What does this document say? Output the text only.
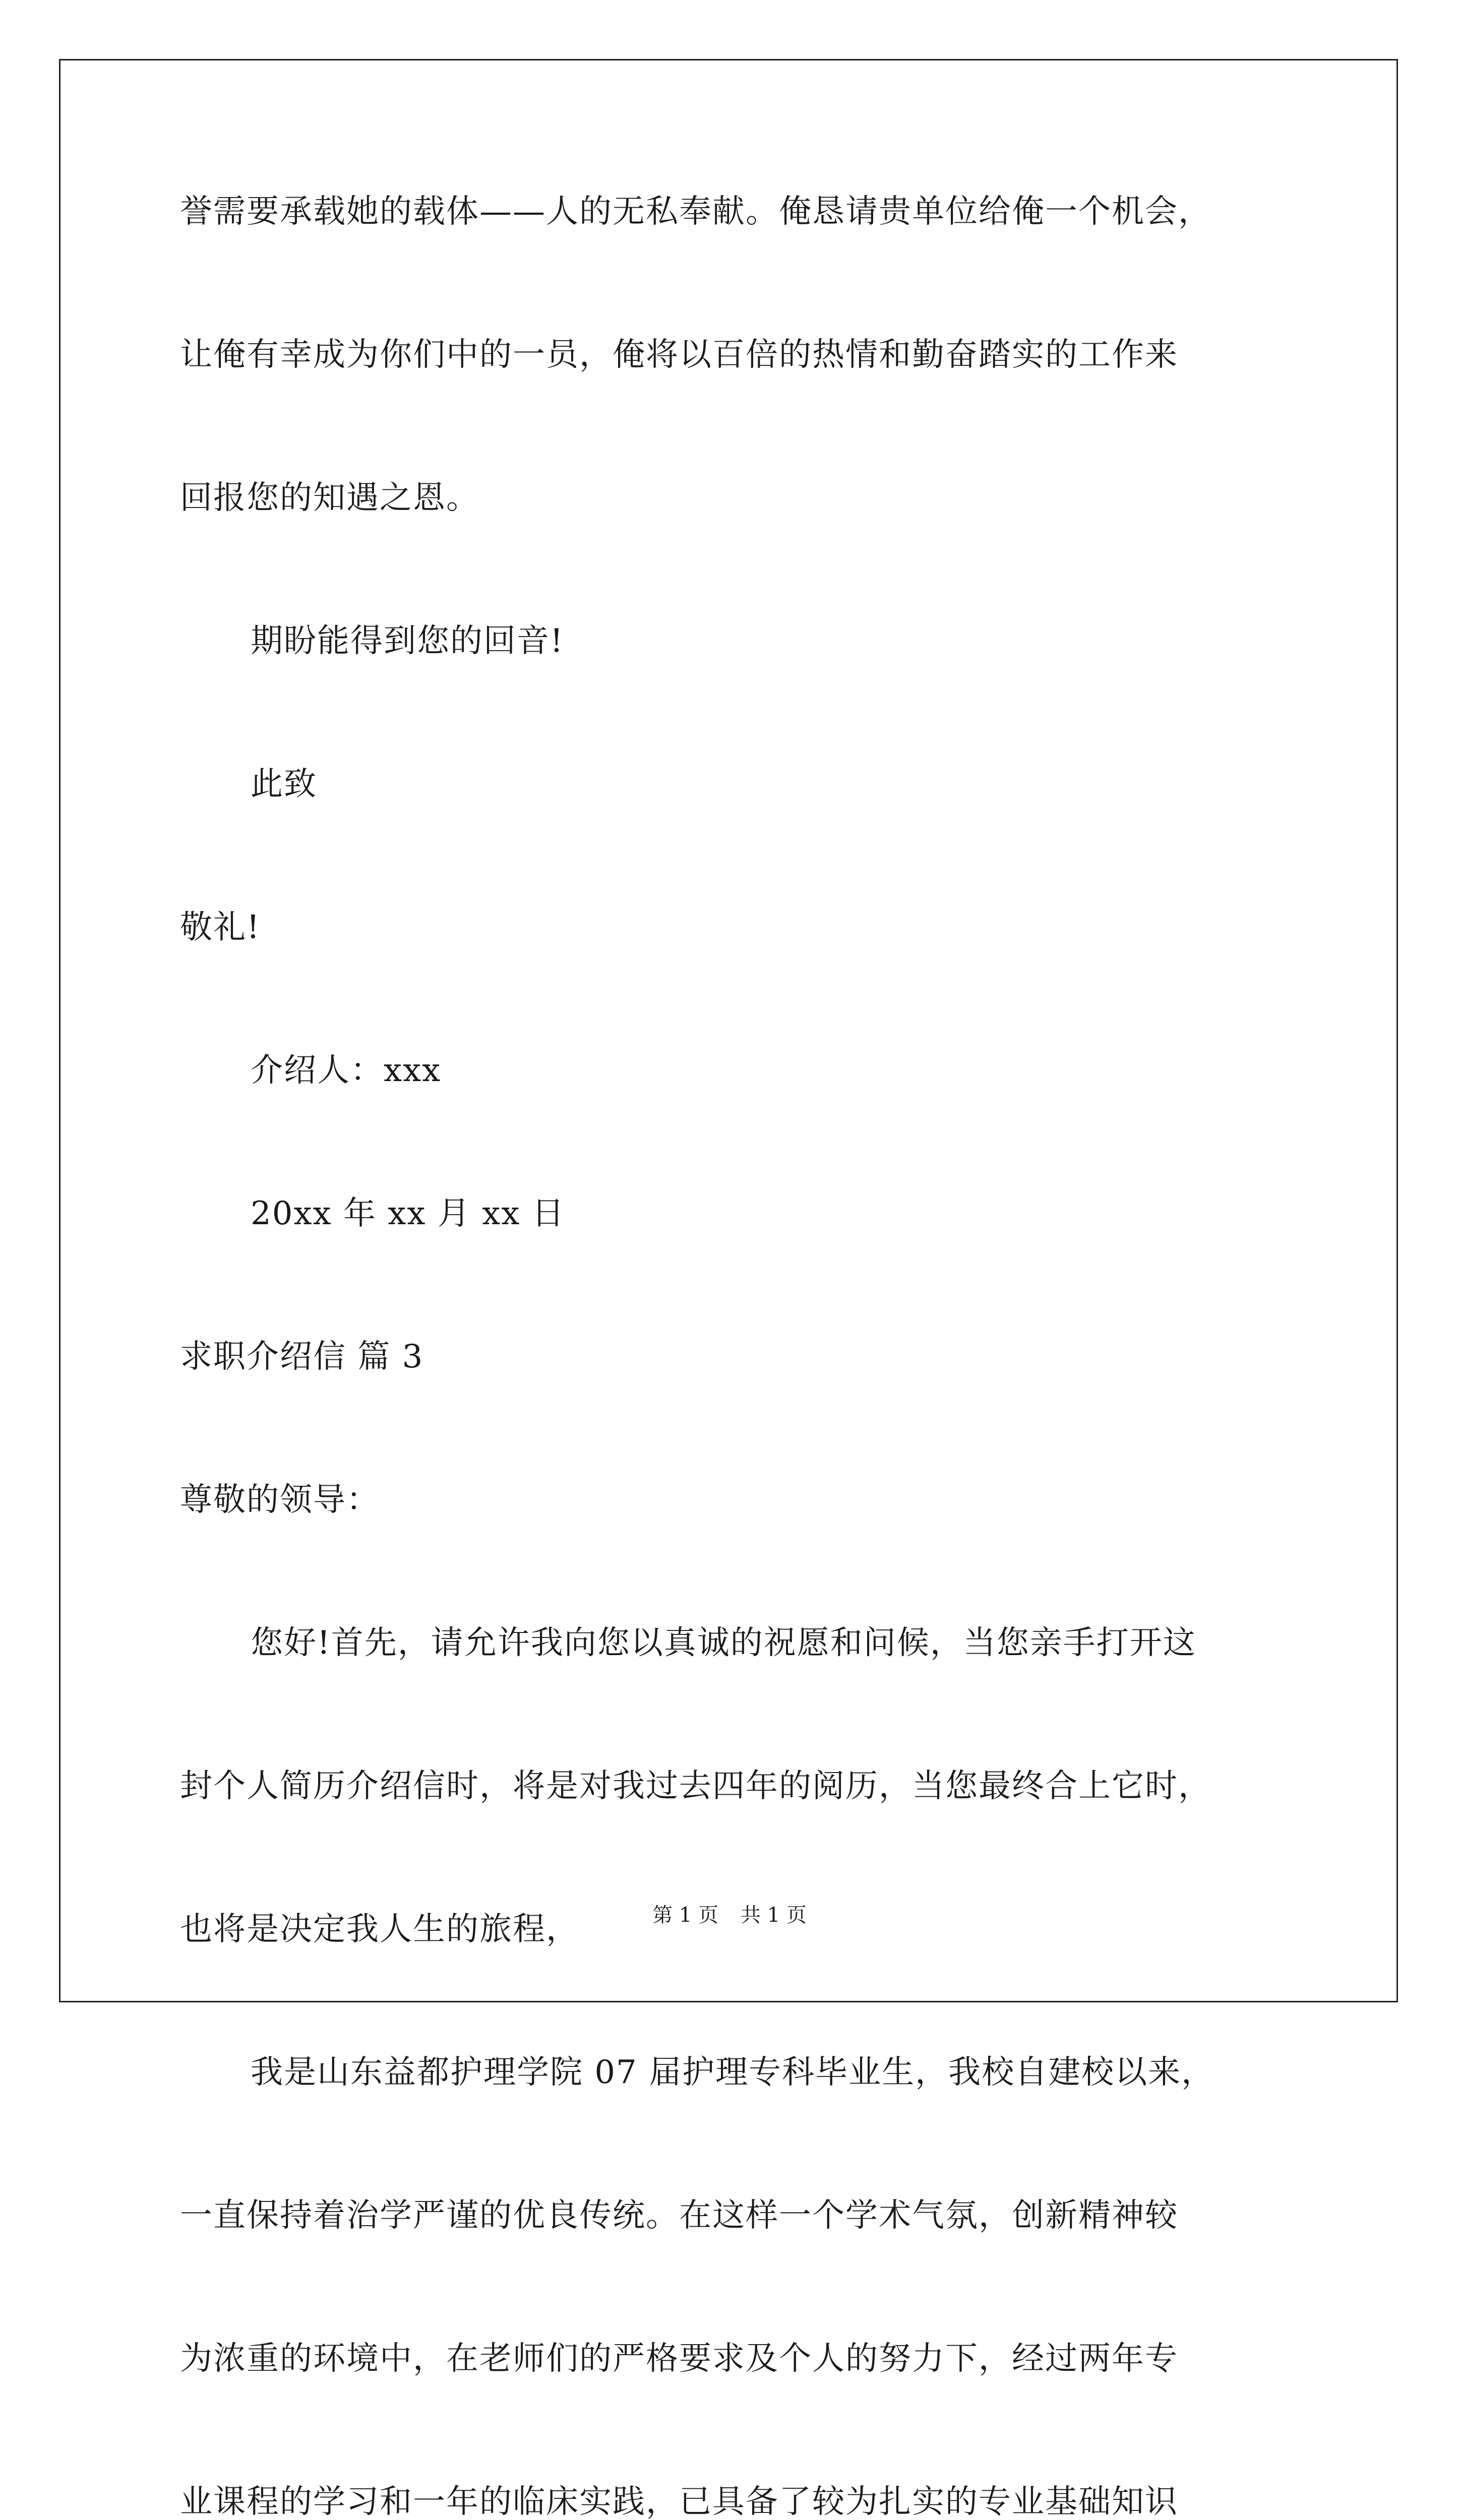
誉需要承载她的载体——人的无私奉献。俺恳请贵单位给俺一个机会，
让俺有幸成为你们中的一员，俺将以百倍的热情和勤奋踏实的工作来
回报您的知遇之恩。
期盼能得到您的回音!
此致
敬礼!
介绍人：xxx
20xx 年 xx 月 xx 日
求职介绍信 篇 3
尊敬的领导：
您好!首先，请允许我向您以真诚的祝愿和问候，当您亲手打开这
封个人简历介绍信时，将是对我过去四年的阅历，当您最终合上它时，
也将是决定我人生的旅程，
我是山东益都护理学院 07 届护理专科毕业生，我校自建校以来，
一直保持着治学严谨的优良传统。在这样一个学术气氛，创新精神较
为浓重的环境中，在老师们的严格要求及个人的努力下，经过两年专
业课程的学习和一年的临床实践，已具备了较为扎实的专业基础知识
第 1 页 共 1 页
